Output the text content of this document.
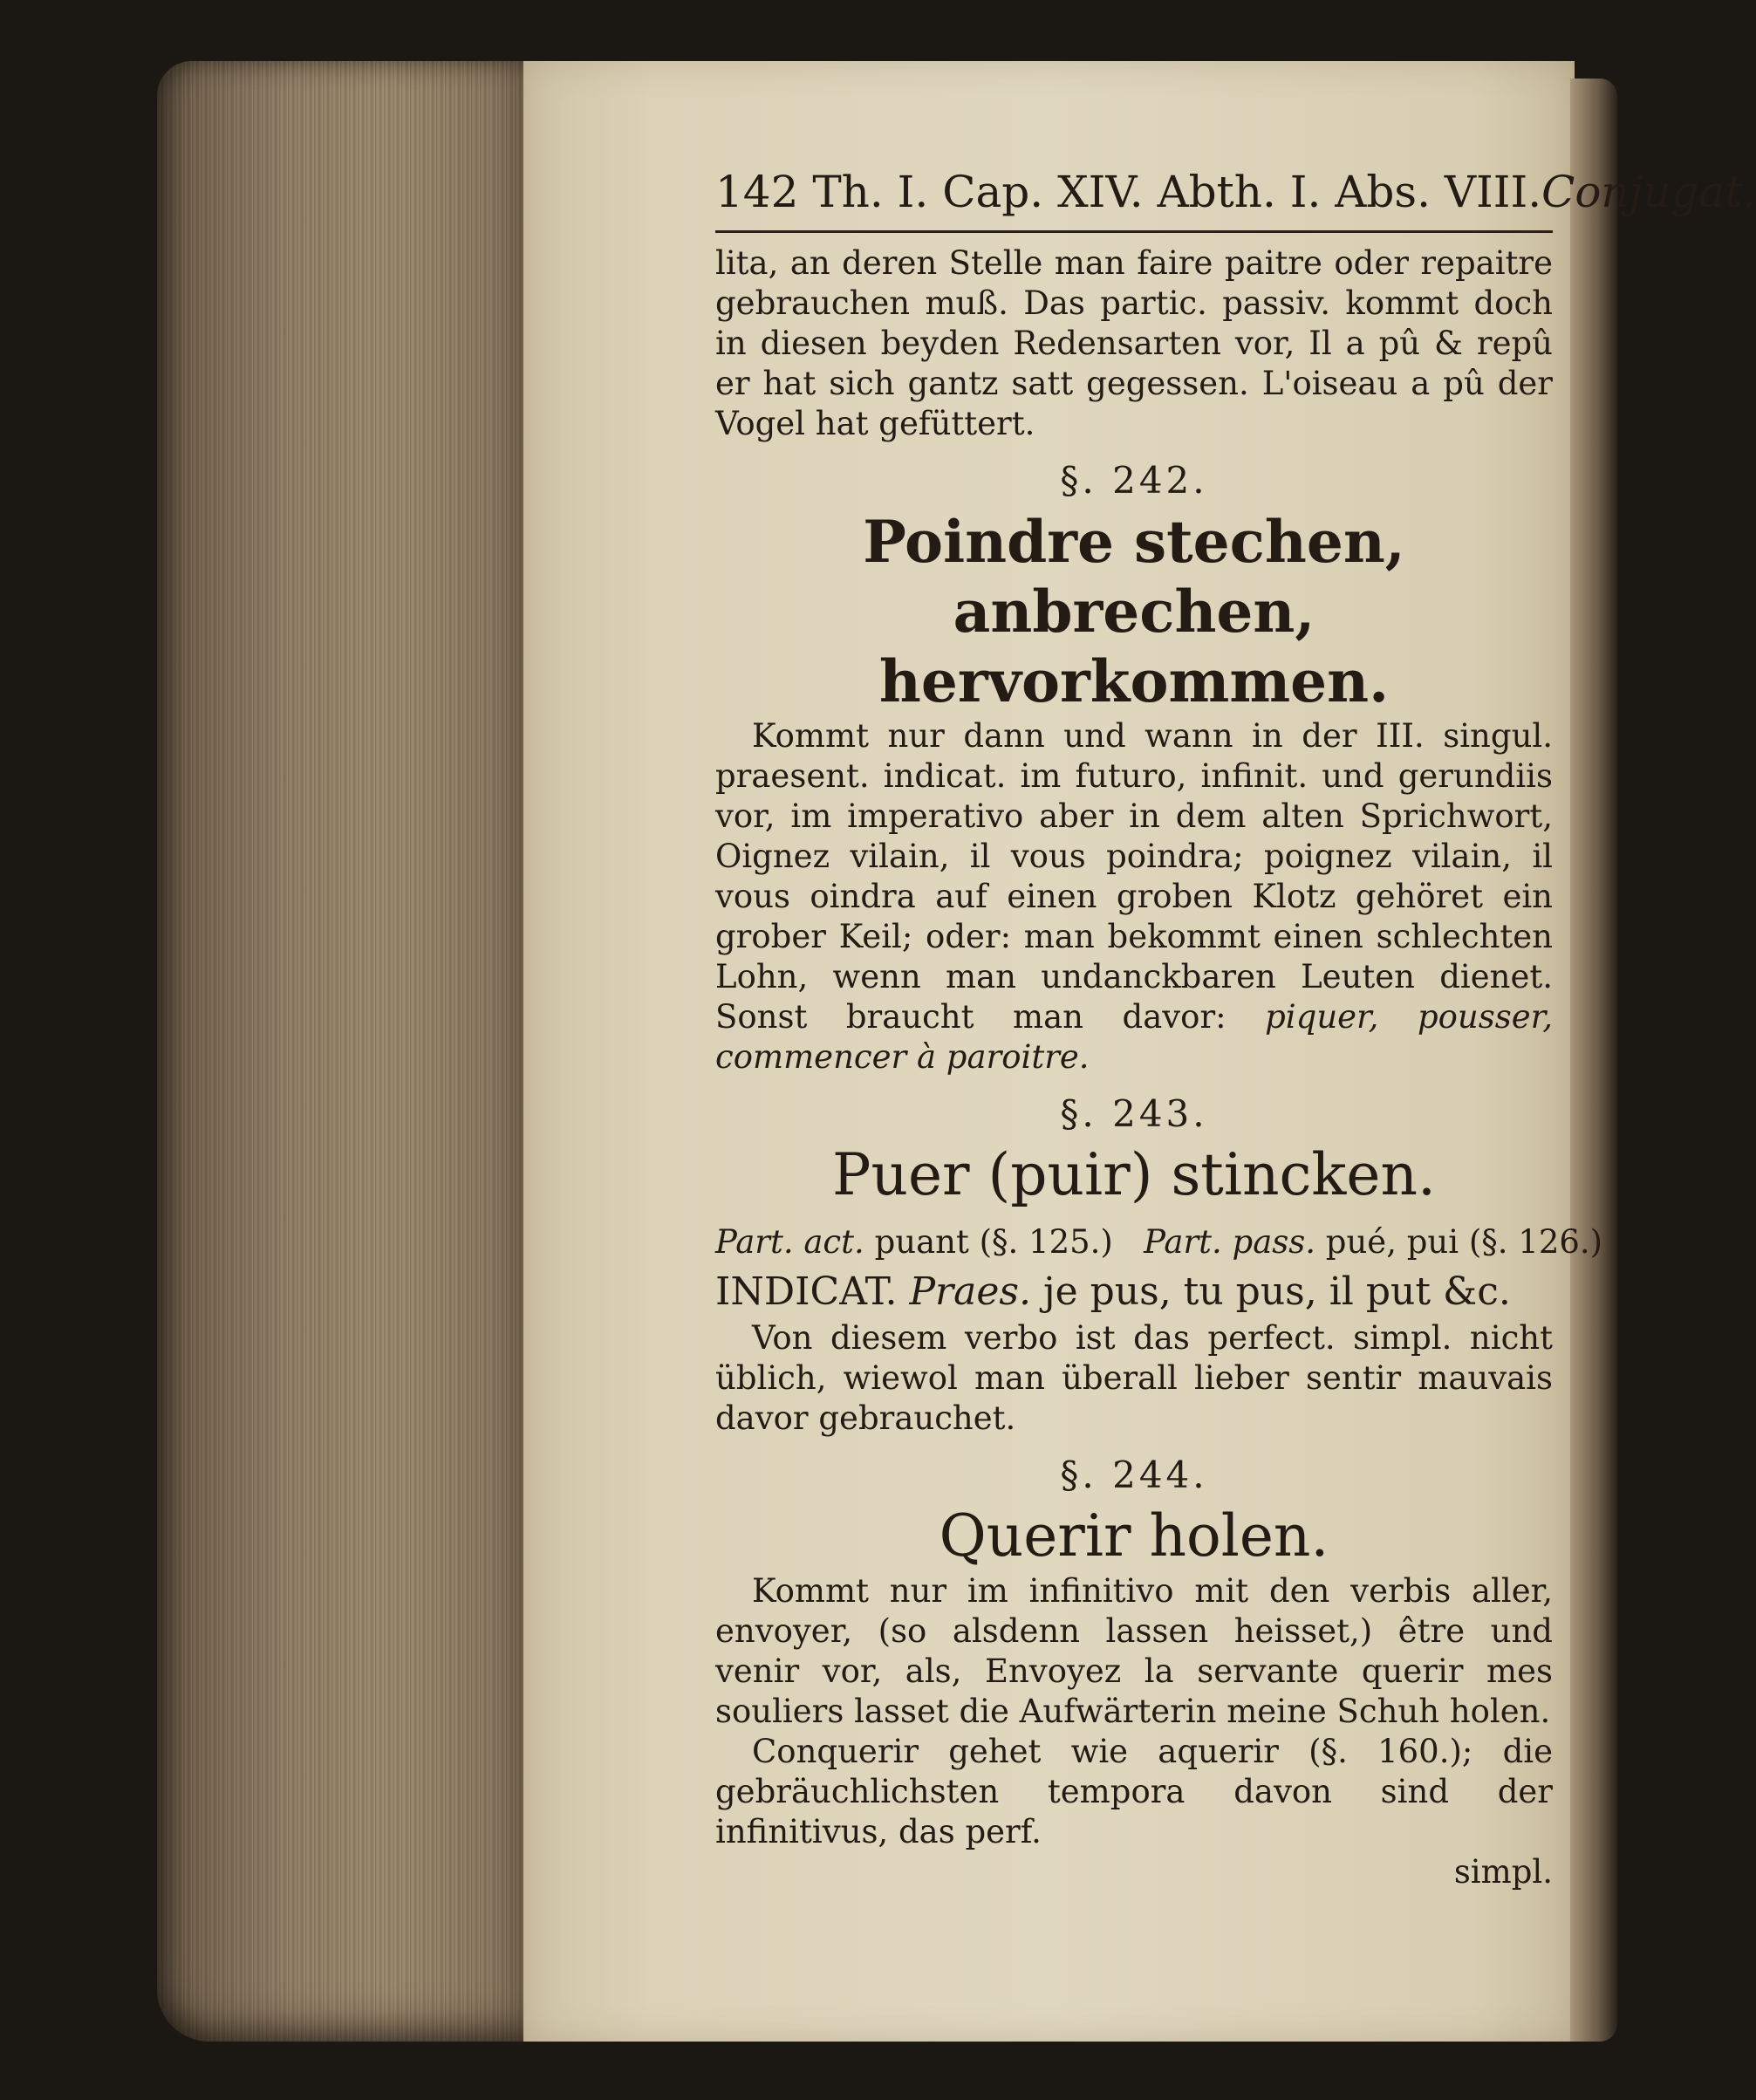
142 Th. I. Cap. XIV. Abth. I. Abs. VIII. Conjugat.

lita, an deren Stelle man faire paitre oder repaitre gebrauchen muß. Das partic. passiv. kommt doch in diesen beyden Redensarten vor, Il a pû & repû er hat sich gantz satt gegessen. L'oiseau a pû der Vogel hat gefüttert.

§. 242.
Poindre stechen, anbrechen, hervorkommen.

Kommt nur dann und wann in der III. singul. praesent. indicat. im futuro, infinit. und gerundiis vor, im imperativo aber in dem alten Sprichwort, Oignez vilain, il vous poindra; poignez vilain, il vous oindra auf einen groben Klotz gehöret ein grober Keil; oder: man bekommt einen schlechten Lohn, wenn man undanckbaren Leuten dienet. Sonst braucht man davor: piquer, pousser, commencer à paroitre.

§. 243.
Puer (puir) stincken.
Part. act. puant (§. 125.) Part. pass. pué, pui (§. 126.)
INDICAT. Praes. je pus, tu pus, il put &c.

Von diesem verbo ist das perfect. simpl. nicht üblich, wiewol man überall lieber sentir mauvais davor gebrauchet.

§. 244.
Querir holen.

Kommt nur im infinitivo mit den verbis aller, envoyer, (so alsdenn lassen heisset,) être und venir vor, als, Envoyez la servante querir mes souliers lasset die Aufwärterin meine Schuh holen.

Conquerir gehet wie aquerir (§. 160.); die gebräuchlichsten tempora davon sind der infinitivus, das perf.

simpl.
